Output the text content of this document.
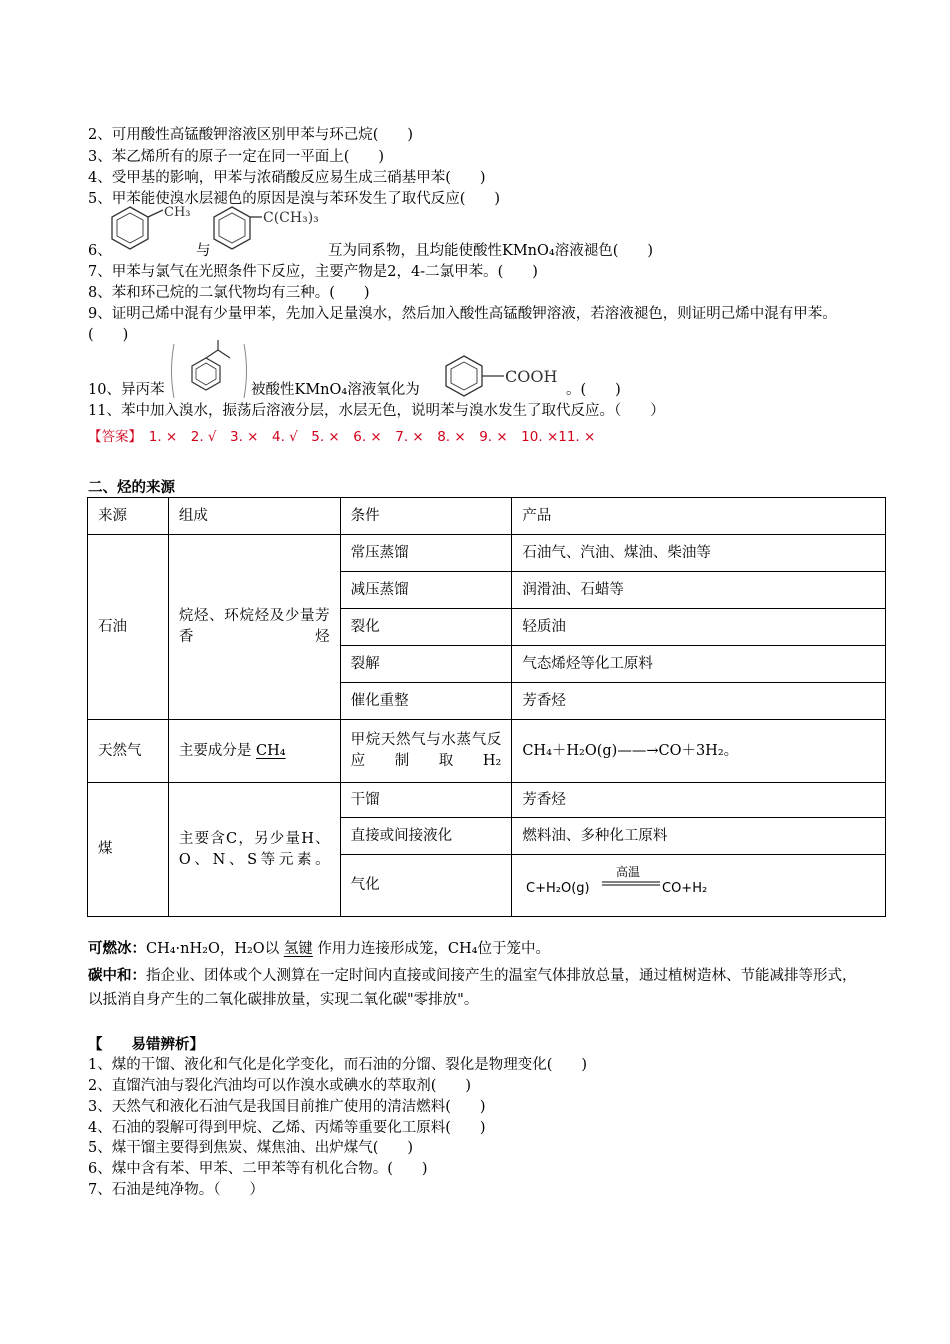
2、可用酸性高锰酸钾溶液区别甲苯与环己烷(　　)
3、苯乙烯所有的原子一定在同一平面上(　　)
4、受甲基的影响，甲苯与浓硝酸反应易生成三硝基甲苯(　　)
5、甲苯能使溴水层褪色的原因是溴与苯环发生了取代反应(　　)
CH₃
6、	与
C(CH₃)₃
互为同系物，且均能使酸性KMnO₄溶液褪色(　　)
7、甲苯与氯气在光照条件下反应，主要产物是2，4-二氯甲苯。(　　)
8、苯和环己烷的二氯代物均有三种。(　　)
9、证明己烯中混有少量甲苯，先加入足量溴水，然后加入酸性高锰酸钾溶液，若溶液褪色，则证明己烯中混有甲苯。(　　)
10、异丙苯	被酸性KMnO₄溶液氧化为
COOH
。(　　)
11、苯中加入溴水，振荡后溶液分层，水层无色，说明苯与溴水发生了取代反应。（　　）
【答案】　1. ×　2. √　3. ×　4. √　5. ×　6. ×　7. ×　8. ×　9. ×　10. ×11. ×
二、烃的来源
来源	组成	条件	产品
石油	烷烃、环烷烃及少量芳香烃	常压蒸馏	石油气、汽油、煤油、柴油等
		减压蒸馏	润滑油、石蜡等
		裂化	轻质油
		裂解	气态烯烃等化工原料
		催化重整	芳香烃
天然气	主要成分是 CH₄	甲烷天然气与水蒸气反应制取H₂	CH₄＋H₂O(g)——→CO＋3H₂。
煤	主要含C，另少量H、O、N、S等元素。	干馏	芳香烃
		直接或间接液化	燃料油、多种化工原料
		气化	C+H₂O(g)
高温
CO+H₂
可燃冰：CH₄·nH₂O，H₂O以 氢键 作用力连接形成笼，CH₄位于笼中。
碳中和：指企业、团体或个人测算在一定时间内直接或间接产生的温室气体排放总量，通过植树造林、节能减排等形式，以抵消自身产生的二氧化碳排放量，实现二氧化碳"零排放"。
【　　易错辨析】
1、煤的干馏、液化和气化是化学变化，而石油的分馏、裂化是物理变化(　　)
2、直馏汽油与裂化汽油均可以作溴水或碘水的萃取剂(　　)
3、天然气和液化石油气是我国目前推广使用的清洁燃料(　　)
4、石油的裂解可得到甲烷、乙烯、丙烯等重要化工原料(　　)
5、煤干馏主要得到焦炭、煤焦油、出炉煤气(　　)
6、煤中含有苯、甲苯、二甲苯等有机化合物。(　　)
7、石油是纯净物。（　　）
